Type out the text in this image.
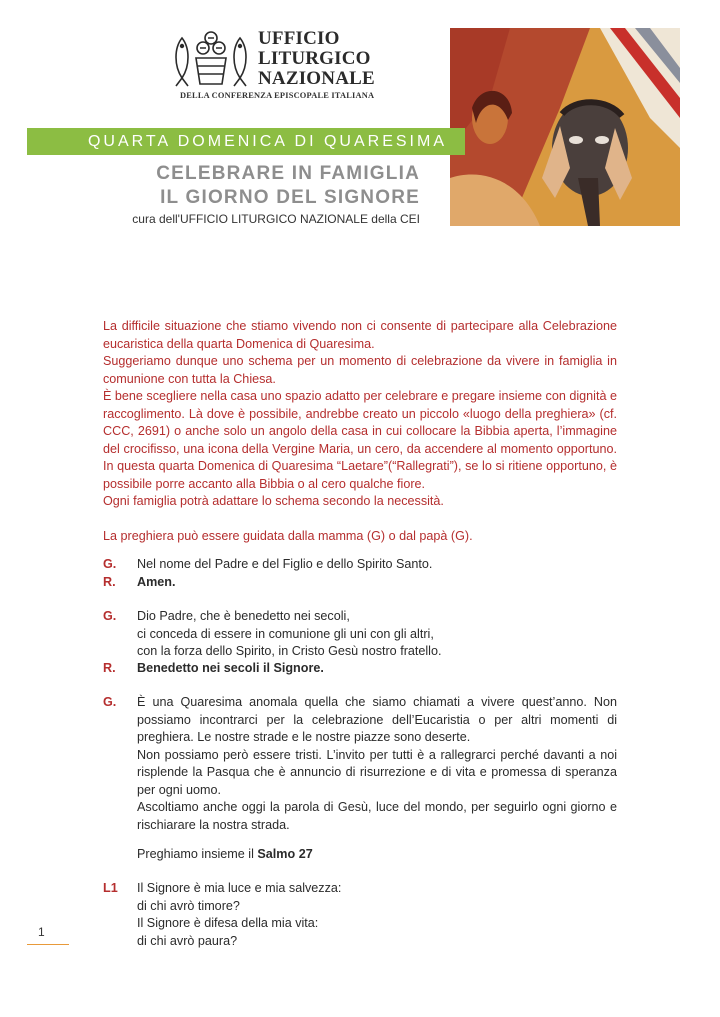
UFFICIO
LITURGICO
NAZIONALE
DELLA CONFERENZA EPISCOPALE ITALIANA
QUARTA DOMENICA DI QUARESIMA
CELEBRARE IN FAMIGLIA
IL GIORNO DEL SIGNORE
cura dell'UFFICIO LITURGICO NAZIONALE della CEI

La difficile situazione che stiamo vivendo non ci consente di partecipare alla Celebrazione eucaristica della quarta Domenica di Quaresima.

Suggeriamo dunque uno schema per un momento di celebrazione da vivere in famiglia in comunione con tutta la Chiesa.

È bene scegliere nella casa uno spazio adatto per celebrare e pregare insieme con dignità e raccoglimento. Là dove è possibile, andrebbe creato un piccolo «luogo della preghiera» (cf. CCC, 2691) o anche solo un angolo della casa in cui collocare la Bibbia aperta, l’immagine del crocifisso, una icona della Vergine Maria, un cero, da accendere al momento opportuno. In questa quarta Domenica di Quaresima “Laetare”(“Rallegrati”), se lo si ritiene opportuno, è possibile porre accanto alla Bibbia o al cero qualche fiore.

Ogni famiglia potrà adattare lo schema secondo la necessità.

La preghiera può essere guidata dalla mamma (G) o dal papà (G).

G.	Nel nome del Padre e del Figlio e dello Spirito Santo.
R.	Amen.
G.	Dio Padre, che è benedetto nei secoli,

ci conceda di essere in comunione gli uni con gli altri,

con la forza dello Spirito, in Cristo Gesù nostro fratello.

R.	Benedetto nei secoli il Signore.
G.	È una Quaresima anomala quella che siamo chiamati a vivere quest’anno. Non possiamo incontrarci per la celebrazione dell’Eucaristia o per altri momenti di preghiera. Le nostre strade e le nostre piazze sono deserte.

Non possiamo però essere tristi. L’invito per tutti è a rallegrarci perché davanti a noi risplende la Pasqua che è annuncio di risurrezione e di vita e promessa di speranza per ogni uomo.

Ascoltiamo anche oggi la parola di Gesù, luce del mondo, per seguirlo ogni giorno e rischiarare la nostra strada.

Preghiamo insieme il Salmo 27
L1	Il Signore è mia luce e mia salvezza:

di chi avrò timore?

Il Signore è difesa della mia vita:

di chi avrò paura?

1
